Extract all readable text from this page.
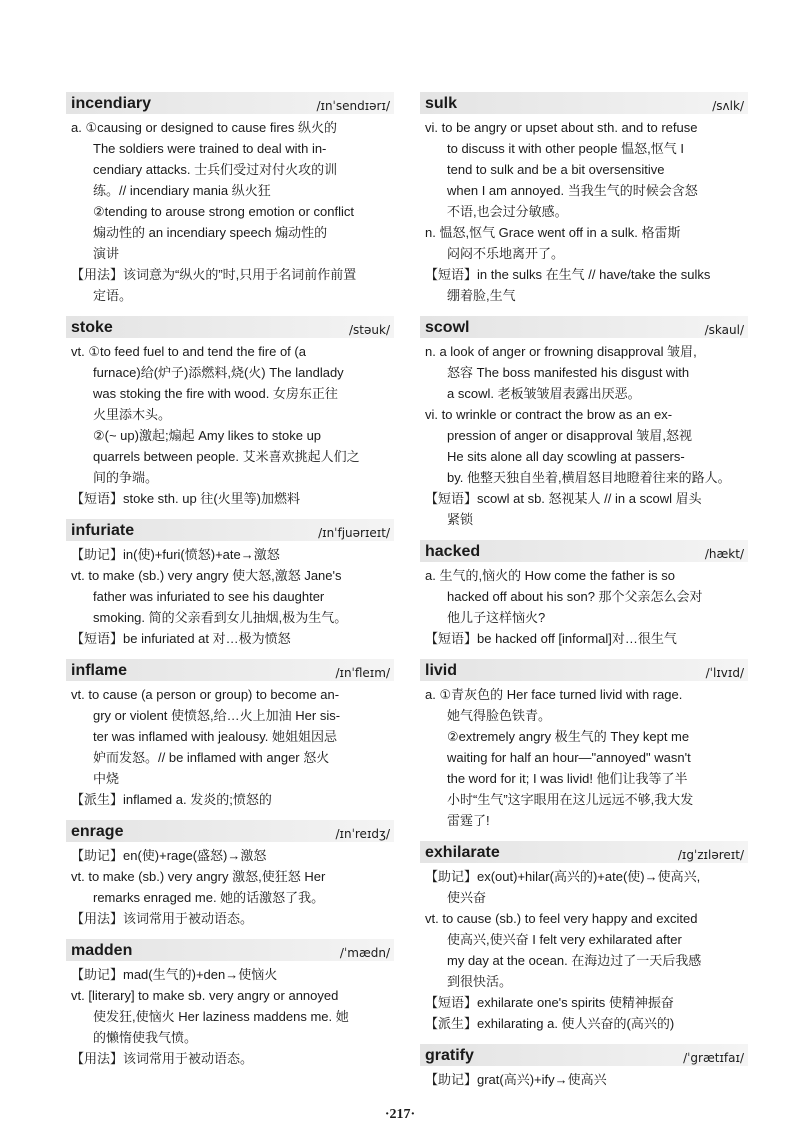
incendiary	/ɪnˈsendɪərɪ/
a. ①causing or designed to cause fires 纵火的
The soldiers were trained to deal with in-
cendiary attacks. 士兵们受过对付火攻的训
练。// incendiary mania 纵火狂
②tending to arouse strong emotion or conflict
煽动性的 an incendiary speech 煽动性的
演讲
【用法】该词意为“纵火的”时,只用于名词前作前置
定语。
stoke	/stəuk/
vt. ①to feed fuel to and tend the fire of (a
furnace)给(炉子)添燃料,烧(火) The landlady
was stoking the fire with wood. 女房东正往
火里添木头。
②(~ up)激起;煽起 Amy likes to stoke up
quarrels between people. 艾米喜欢挑起人们之
间的争端。
【短语】stoke sth. up 往(火里等)加燃料
infuriate	/ɪnˈfjuərɪeɪt/
【助记】in(使)+furi(愤怒)+ate→激怒
vt. to make (sb.) very angry 使大怒,激怒 Jane's
father was infuriated to see his daughter
smoking. 简的父亲看到女儿抽烟,极为生气。
【短语】be infuriated at 对…极为愤怒
inflame	/ɪnˈfleɪm/
vt. to cause (a person or group) to become an-
gry or violent 使愤怒,给…火上加油 Her sis-
ter was inflamed with jealousy. 她姐姐因忌
妒而发怒。// be inflamed with anger 怒火
中烧
【派生】inflamed a. 发炎的;愤怒的
enrage	/ɪnˈreɪdʒ/
【助记】en(使)+rage(盛怒)→激怒
vt. to make (sb.) very angry 激怒,使狂怒 Her
remarks enraged me. 她的话激怒了我。
【用法】该词常用于被动语态。
madden	/ˈmædn/
【助记】mad(生气的)+den→使恼火
vt. [literary] to make sb. very angry or annoyed
使发狂,使恼火 Her laziness maddens me. 她
的懒惰使我气愤。
【用法】该词常用于被动语态。
sulk	/sʌlk/
vi. to be angry or upset about sth. and to refuse
to discuss it with other people 愠怒,怄气 I
tend to sulk and be a bit oversensitive
when I am annoyed. 当我生气的时候会含怒
不语,也会过分敏感。
n. 愠怒,怄气 Grace went off in a sulk. 格雷斯
闷闷不乐地离开了。
【短语】in the sulks 在生气 // have/take the sulks
绷着脸,生气
scowl	/skaul/
n. a look of anger or frowning disapproval 皱眉,
怒容 The boss manifested his disgust with
a scowl. 老板皱皱眉表露出厌恶。
vi. to wrinkle or contract the brow as an ex-
pression of anger or disapproval 皱眉,怒视
He sits alone all day scowling at passers-
by. 他整天独自坐着,横眉怒目地瞪着往来的路人。
【短语】scowl at sb. 怒视某人 // in a scowl 眉头
紧锁
hacked	/hækt/
a. 生气的,恼火的 How come the father is so
hacked off about his son? 那个父亲怎么会对
他儿子这样恼火?
【短语】be hacked off [informal]对…很生气
livid	/ˈlɪvɪd/
a. ①青灰色的 Her face turned livid with rage.
她气得脸色铁青。
②extremely angry 极生气的 They kept me
waiting for half an hour—"annoyed" wasn't
the word for it; I was livid! 他们让我等了半
小时“生气”这字眼用在这儿远远不够,我大发
雷霆了!
exhilarate	/ɪgˈzɪləreɪt/
【助记】ex(out)+hilar(高兴的)+ate(使)→使高兴,
使兴奋
vt. to cause (sb.) to feel very happy and excited
使高兴,使兴奋 I felt very exhilarated after
my day at the ocean. 在海边过了一天后我感
到很快活。
【短语】exhilarate one's spirits 使精神振奋
【派生】exhilarating a. 使人兴奋的(高兴的)
gratify	/ˈgrætɪfaɪ/
【助记】grat(高兴)+ify→使高兴
·217·
